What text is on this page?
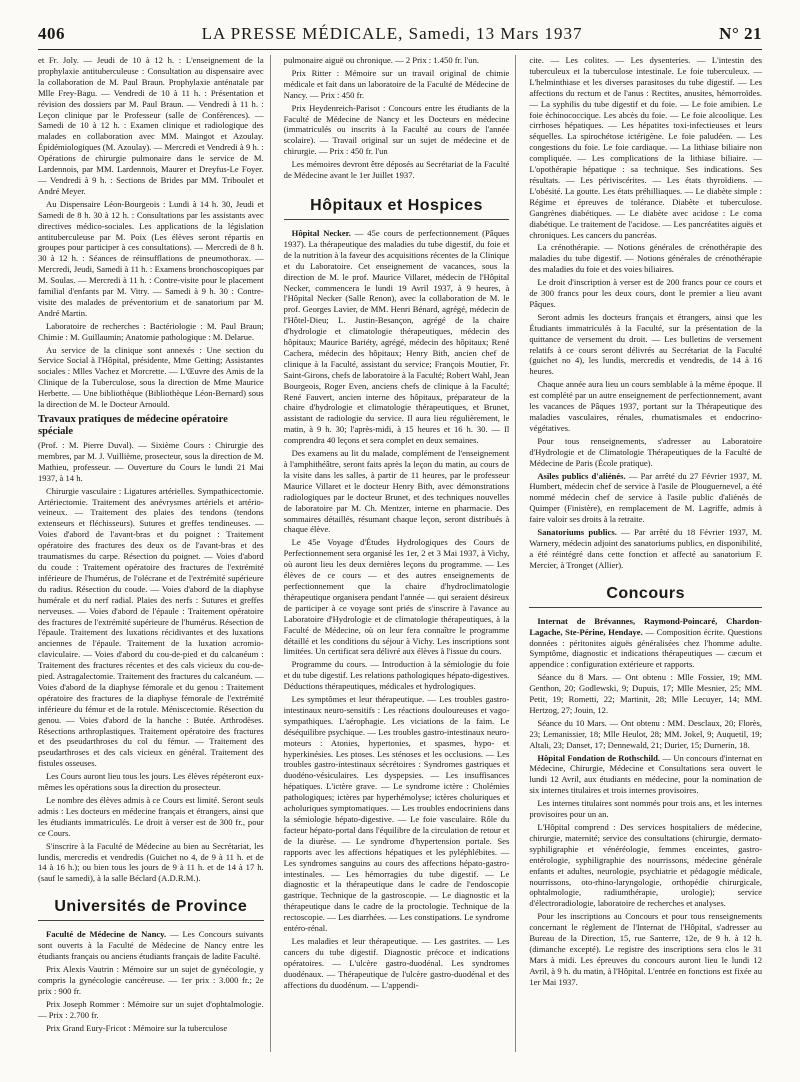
406	LA PRESSE MÉDICALE, Samedi, 13 Mars 1937	N° 21

et Fr. Joly. — Jeudi de 10 à 12 h. : L'enseignement de la prophylaxie antituberculeuse : Consultation au dispensaire avec la collaboration de M. Paul Braun. Prophylaxie anténatale par Mlle Frey-Bagu. — Vendredi de 10 à 11 h. : Présentation et révision des dossiers par M. Paul Braun. — Vendredi à 11 h. : Leçon clinique par le Professeur (salle de Conférences). — Samedi de 10 à 12 h. : Examen clinique et radiologique des malades en collaboration avec MM. Maingot et Azoulay. Épidémiologiques (M. Azoulay). — Mercredi et Vendredi à 9 h. : Opérations de chirurgie pulmonaire dans le service de M. Lardennois, par MM. Lardennois, Maurer et Dreyfus-Le Foyer. — Vendredi à 9 h. : Sections de Brides par MM. Triboulet et André Meyer.

Au Dispensaire Léon-Bourgeois : Lundi à 14 h. 30, Jeudi et Samedi de 8 h. 30 à 12 h. : Consultations par les assistants avec directives médico-sociales. Les applications de la législation antituberculeuse par M. Poix (Les élèves seront répartis en groupes pour participer à ces consultations). — Mercredi de 8 h. 30 à 12 h. : Séances de réinsufflations de pneumothorax. — Mercredi, Jeudi, Samedi à 11 h. : Examens bronchoscopiques par M. Soulas. — Mercredi à 11 h. : Contre-visite pour le placement familial d'enfants par M. Vitry. — Samedi à 9 h. 30 : Contre-visite des malades de préventorium et de sanatorium par M. André Martin.

Laboratoire de recherches : Bactériologie : M. Paul Braun; Chimie : M. Guillaumin; Anatomie pathologique : M. Delarue.

Au service de la clinique sont annexés : Une section du Service Social à l'Hôpital, présidente, Mme Getting; Assistantes sociales : Mlles Vachez et Morcrette. — L'Œuvre des Amis de la Clinique de la Tuberculose, sous la direction de Mme Maurice Herbette. — Une bibliothèque (Bibliothèque Léon-Bernard) sous la direction de M. le Docteur Arnould.

Travaux pratiques de médecine opératoire spéciale

(Prof. : M. Pierre Duval). — Sixième Cours : Chirurgie des membres, par M. J. Vuillième, prosecteur, sous la direction de M. Mathieu, professeur. — Ouverture du Cours le lundi 21 Mai 1937, à 14 h.

Chirurgie vasculaire : Ligatures artérielles. Sympathicectomie. Artériectomie. Traitement des anévrysmes artériels et artério-veineux. — Traitement des plaies des tendons (tendons extenseurs et fléchisseurs). Sutures et greffes tendineuses. — Voies d'abord de l'avant-bras et du poignet : Traitement opératoire des fractures des deux os de l'avant-bras et des traumatismes du carpe. Résection du poignet. — Voies d'abord du coude : Traitement opératoire des fractures de l'extrémité inférieure de l'humérus, de l'olécrane et de l'extrémité supérieure du radius. Résection du coude. — Voies d'abord de la diaphyse humérale et du nerf radial. Plaies des nerfs : Sutures et greffes nerveuses. — Voies d'abord de l'épaule : Traitement opératoire des fractures de l'extrémité supérieure de l'humérus. Résection de l'épaule. Traitement des luxations récidivantes et des luxations anciennes de l'épaule. Traitement de la luxation acromio-claviculaire. — Voies d'abord du cou-de-pied et du calcanéum : Traitement des fractures récentes et des cals vicieux du cou-de-pied. Astragalectomie. Traitement des fractures du calcanéum. — Voies d'abord de la diaphyse fémorale et du genou : Traitement opératoire des fractures de la diaphyse fémorale de l'extrémité inférieure du fémur et de la rotule. Méniscectomie. Résection du genou. — Voies d'abord de la hanche : Butée. Arthrodèses. Résections arthroplastiques. Traitement opératoire des fractures et des pseudarthroses du col du fémur. — Traitement des pseudarthroses et des cals vicieux en général. Traitement des fistules osseuses.

Les Cours auront lieu tous les jours. Les élèves répéteront eux-mêmes les opérations sous la direction du prosecteur.

Le nombre des élèves admis à ce Cours est limité. Seront seuls admis : Les docteurs en médecine français et étrangers, ainsi que les étudiants immatriculés. Le droit à verser est de 300 fr., pour ce Cours.

S'inscrire à la Faculté de Médecine au bien au Secrétariat, les lundis, mercredis et vendredis (Guichet no 4, de 9 à 11 h. et de 14 à 16 h.); ou bien tous les jours de 9 à 11 h. et de 14 à 17 h. (sauf le samedi), à la salle Béclard (A.D.R.M.).

Universités de Province

Faculté de Médecine de Nancy. — Les Concours suivants sont ouverts à la Faculté de Médecine de Nancy entre les étudiants français ou anciens étudiants français de ladite Faculté.

Prix Alexis Vautrin : Mémoire sur un sujet de gynécologie, y compris la gynécologie cancéreuse. — 1er prix : 3.000 fr.; 2e prix : 900 fr.

Prix Joseph Rommer : Mémoire sur un sujet d'ophtalmologie. — Prix : 2.700 fr.

Prix Grand Eury-Fricot : Mémoire sur la tuberculose

pulmonaire aiguë ou chronique. — 2 Prix : 1.450 fr. l'un.

Prix Ritter : Mémoire sur un travail original de chimie médicale et fait dans un laboratoire de la Faculté de Médecine de Nancy. — Prix : 450 fr.

Prix Heydenreich-Parisot : Concours entre les étudiants de la Faculté de Médecine de Nancy et les Docteurs en médecine (immatriculés ou inscrits à la Faculté au cours de l'année scolaire). — Travail original sur un sujet de médecine et de chirurgie. — Prix : 450 fr. l'un

Les mémoires devront être déposés au Secrétariat de la Faculté de Médecine avant le 1er Juillet 1937.

Hôpitaux et Hospices

Hôpital Necker. — 45e cours de perfectionnement (Pâques 1937). La thérapeutique des maladies du tube digestif, du foie et de la nutrition à la faveur des acquisitions récentes de la Clinique et du Laboratoire. Cet enseignement de vacances, sous la direction de M. le prof. Maurice Villaret, médecin de l'Hôpital Necker, commencera le lundi 19 Avril 1937, à 9 heures, à l'Hôpital Necker (Salle Renon), avec la collaboration de M. le prof. Georges Lavier, de MM. Henri Bénard, agrégé, médecin de l'Hôtel-Dieu; L. Justin-Besançon, agrégé de la chaire d'hydrologie et climatologie thérapeutiques, médecin des hôpitaux; Maurice Bariéty, agrégé, médecin des hôpitaux; René Cachera, médecin des hôpitaux; Henry Bith, ancien chef de clinique à la Faculté, assistant du service; François Moutier, Fr. Saint-Girons, chefs de laboratoire à la Faculté; Robert Wahl, Jean Bourgeois, Roger Even, anciens chefs de clinique à la Faculté; René Fauvert, ancien interne des hôpitaux, préparateur de la chaire d'hydrologie et climatologie thérapeutiques, et Brunet, assistant de radiologie du service. Il aura lieu régulièrement, le matin, à 9 h. 30; l'après-midi, à 15 heures et 16 h. 30. — Il comprendra 40 leçons et sera complet en deux semaines.

Des examens au lit du malade, complément de l'enseignement à l'amphithéâtre, seront faits après la leçon du matin, au cours de la visite dans les salles, à partir de 11 heures, par le professeur Maurice Villaret et le docteur Henry Bith, avec démonstrations radiologiques par le docteur Brunet, et des techniques nouvelles de laboratoire par M. Ch. Mentzer, interne en pharmacie. Des sommaires détaillés, résumant chaque leçon, seront distribués à chaque élève.

Le 45e Voyage d'Études Hydrologiques des Cours de Perfectionnement sera organisé les 1er, 2 et 3 Mai 1937, à Vichy, où auront lieu les deux dernières leçons du programme. — Les élèves de ce cours — et des autres enseignements de perfectionnement que la chaire d'hydroclimatologie thérapeutique organisera pendant l'année — qui seraient désireux de participer à ce voyage sont priés de s'inscrire à l'avance au Laboratoire d'Hydrologie et de climatologie thérapeutiques, à la Faculté de Médecine, où on leur fera connaître le programme détaillé et les conditions du séjour à Vichy. Les inscriptions sont limitées. Un certificat sera délivré aux élèves à l'issue du cours.

Programme du cours. — Introduction à la sémiologie du foie et du tube digestif. Les relations pathologiques hépato-digestives. Déductions thérapeutiques, médicales et hydrologiques.

Les symptômes et leur thérapeutique. — Les troubles gastro-intestinaux neuro-sensitifs : Les réactions douloureuses et vago-sympathiques. L'aérophagie. Les viciations de la faim. Le déséquilibre psychique. — Les troubles gastro-intestinaux neuro-moteurs : Atonies, hypertonies, et spasmes, hypo- et hyperkinésies. Les ptoses. Les sténoses et les occlusions. — Les troubles gastro-intestinaux sécrétoires : Syndromes gastriques et duodéno-vésiculaires. Les dyspepsies. — Les insuffisances hépatiques. L'ictère grave. — Le syndrome ictère : Cholémies pathologiques; ictères par hyperhémolyse; ictères choluriques et acholuriques symptomatiques. — Les troubles endocriniens dans la sémiologie hépato-digestive. — Le foie vasculaire. Rôle du facteur hépato-portal dans l'équilibre de la circulation de retour et de la diurèse. — Le syndrome d'hypertension portale. Ses rapports avec les affections hépatiques et les pyléphlébites. — Les syndromes sanguins au cours des affections hépato-gastro-intestinales. — Les hémorragies du tube digestif. — Le diagnostic et la thérapeutique dans le cadre de l'endoscopie gastrique. Technique de la gastroscopie. — Le diagnostic et la thérapeutique dans le cadre de la proctologie. Technique de la rectoscopie. — Les diarrhées. — Les constipations. Le syndrome entéro-rénal.

Les maladies et leur thérapeutique. — Les gastrites. — Les cancers du tube digestif. Diagnostic précoce et indications opératoires. — L'ulcère gastro-duodénal. Les syndromes duodénaux. — Thérapeutique de l'ulcère gastro-duodénal et des affections du duodénum. — L'appendi-

cite. — Les colites. — Les dysenteries. — L'intestin des tuberculeux et la tuberculose intestinale. Le foie tuberculeux. — L'helminthiase et les diverses parasitoses du tube digestif. — Les affections du rectum et de l'anus : Rectites, anusites, hémorroïdes. — La syphilis du tube digestif et du foie. — Le foie amibien. Le foie échinococcique. Les abcès du foie. — Le foie alcoolique. Les cirrhoses hépatiques. — Les hépatites toxi-infectieuses et leurs séquelles. La spirochétose ictérigène. Le foie paludéen. — Les congestions du foie. Le foie cardiaque. — La lithiase biliaire non compliquée. — Les complications de la lithiase biliaire. — L'opothérapie hépatique : sa technique. Ses indications. Ses résultats. — Les périviscérites. — Les états thyroïdiens. — L'obésité. La goutte. Les états préhilliaques. — Le diabète simple : Régime et épreuves de tolérance. Diabète et tuberculose. Gangrènes diabétiques. — Le diabète avec acidose : Le coma diabétique. Le traitement de l'acidose. — Les pancréatites aiguës et chroniques. Les cancers du pancréas.

La crénothérapie. — Notions générales de crénothérapie des maladies du tube digestif. — Notions générales de crénothérapie des maladies du foie et des voies biliaires.

Le droit d'inscription à verser est de 200 francs pour ce cours et de 300 francs pour les deux cours, dont le premier a lieu avant Pâques.

Seront admis les docteurs français et étrangers, ainsi que les Étudiants immatriculés à la Faculté, sur la présentation de la quittance de versement du droit. — Les bulletins de versement relatifs à ce cours seront délivrés au Secrétariat de la Faculté (guichet no 4), les lundis, mercredis et vendredis, de 14 à 16 heures.

Chaque année aura lieu un cours semblable à la même époque. Il est complété par un autre enseignement de perfectionnement, avant les vacances de Pâques 1937, portant sur la Thérapeutique des maladies vasculaires, rénales, rhumatismales et endocrino-végétatives.

Pour tous renseignements, s'adresser au Laboratoire d'Hydrologie et de Climatologie Thérapeutiques de la Faculté de Médecine de Paris (École pratique).

Asiles publics d'aliénés. — Par arrêté du 27 Février 1937, M. Humbert, médecin chef de service à l'asile de Plouguernevel, a été nommé médecin chef de service à l'asile public d'aliénés de Quimper (Finistère), en remplacement de M. Lagriffe, admis à faire valoir ses droits à la retraite.

Sanatoriums publics. — Par arrêté du 18 Février 1937, M. Warnery, médecin adjoint des sanatoriums publics, en disponibilité, a été réintégré dans cette fonction et affecté au sanatorium F. Mercier, à Tronget (Allier).

Concours

Internat de Brévannes, Raymond-Poincaré, Chardon-Lagache, Ste-Périne, Hendaye. — Composition écrite. Questions données : péritonites aiguës généralisées chez l'homme adulte. Symptôme, diagnostic et indications thérapeutiques — cæcum et appendice : configuration extérieure et rapports.

Séance du 8 Mars. — Ont obtenu : Mlle Fossier, 19; MM. Genthon, 20; Godlewski, 9; Dupuis, 17; Mlle Mesnier, 25; MM. Petit, 19; Rometti, 22; Martinit, 28; Mlle Lecuyer, 14; MM. Hertzog, 27; Jouin, 12.

Séance du 10 Mars. — Ont obtenu : MM. Desclaux, 20; Florès, 23; Lemanissier, 18; Mlle Heulot, 28; MM. Jokel, 9; Auquetil, 19; Altali, 23; Danset, 17; Dennewald, 21; Durier, 15; Durnerin, 18.

Hôpital Fondation de Rothschild. — Un concours d'internat en Médecine, Chirurgie, Médecine et Consultations sera ouvert le lundi 12 Avril, aux étudiants en médecine, pour la nomination de six internes titulaires et trois internes provisoires.

Les internes titulaires sont nommés pour trois ans, et les internes provisoires pour un an.

L'Hôpital comprend : Des services hospitaliers de médecine, chirurgie, maternité; service des consultations (chirurgie, dermato-syphiligraphie et vénéréologie, femmes enceintes, gastro-entérologie, syphiligraphie des nourrissons, médecine générale enfants et adultes, neurologie, psychiatrie et pédagogie médicale, nourrissons, oto-rhino-laryngologie, orthopédie chirurgicale, ophtalmologie, radiumthérapie, urologie); service d'électroradiologie, laboratoire de recherches et analyses.

Pour les inscriptions au Concours et pour tous renseignements concernant le règlement de l'Internat de l'Hôpital, s'adresser au Bureau de la Direction, 15, rue Santerre, 12e, de 9 h. à 12 h. (dimanche excepté). Le registre des inscriptions sera clos le 31 Mars à midi. Les épreuves du concours auront lieu le lundi 12 Avril, à 9 h. du matin, à l'Hôpital. L'entrée en fonctions est fixée au 1er Mai 1937.
